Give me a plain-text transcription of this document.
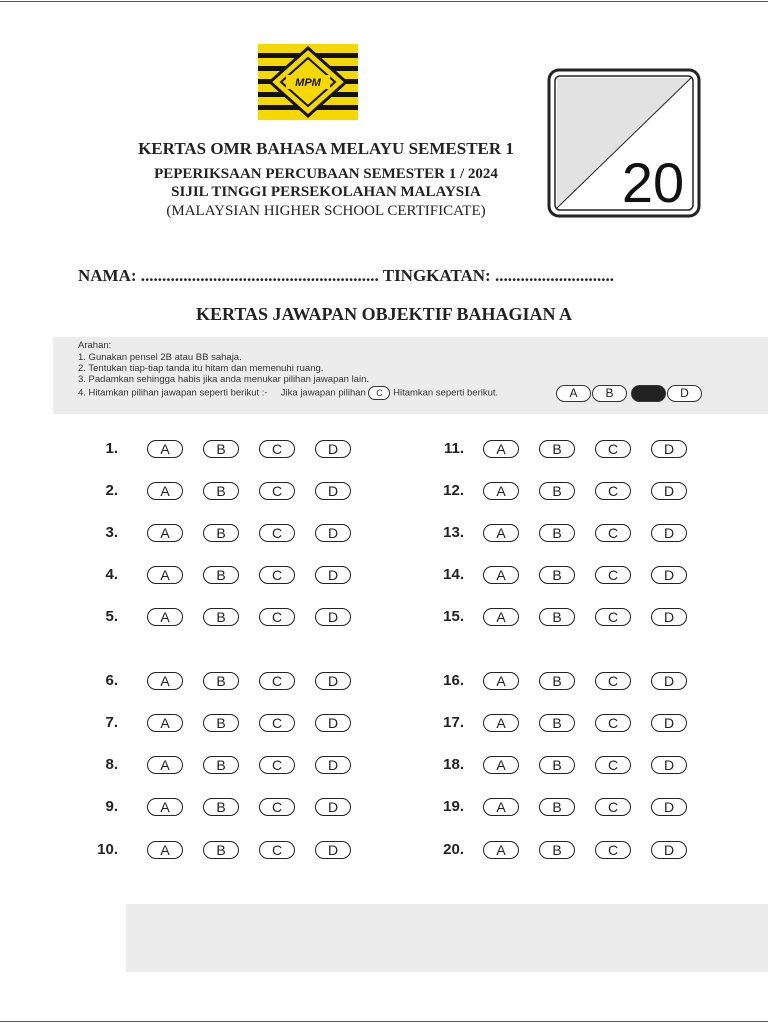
MPM
KERTAS OMR BAHASA MELAYU SEMESTER 1
PEPERIKSAAN PERCUBAAN SEMESTER 1 / 2024
SIJIL TINGGI PERSEKOLAHAN MALAYSIA
(MALAYSIAN HIGHER SCHOOL CERTIFICATE)	20
NAMA: ........................................................ TINGKATAN: ............................
KERTAS JAWAPAN OBJEKTIF BAHAGIAN A
Arahan:
1. Gunakan pensel 2B atau BB sahaja.
2. Tentukan tiap-tiap tanda itu hitam dan memenuhi ruang.
3. Padamkan sehingga habis jika anda menukar pilihan jawapan lain.
4. Hitamkan pilihan jawapan seperti berikut :- Jika jawapan pilihan C Hitamkan seperti berikut.	A	B	C	D
1.	A	B	C	D
2.	A	B	C	D
3.	A	B	C	D
4.	A	B	C	D
5.	A	B	C	D
6.	A	B	C	D
7.	A	B	C	D
8.	A	B	C	D
9.	A	B	C	D
10.	A	B	C	D
11.	A	B	C	D
12.	A	B	C	D
13.	A	B	C	D
14.	A	B	C	D
15.	A	B	C	D
16.	A	B	C	D
17.	A	B	C	D
18.	A	B	C	D
19.	A	B	C	D
20.	A	B	C	D
